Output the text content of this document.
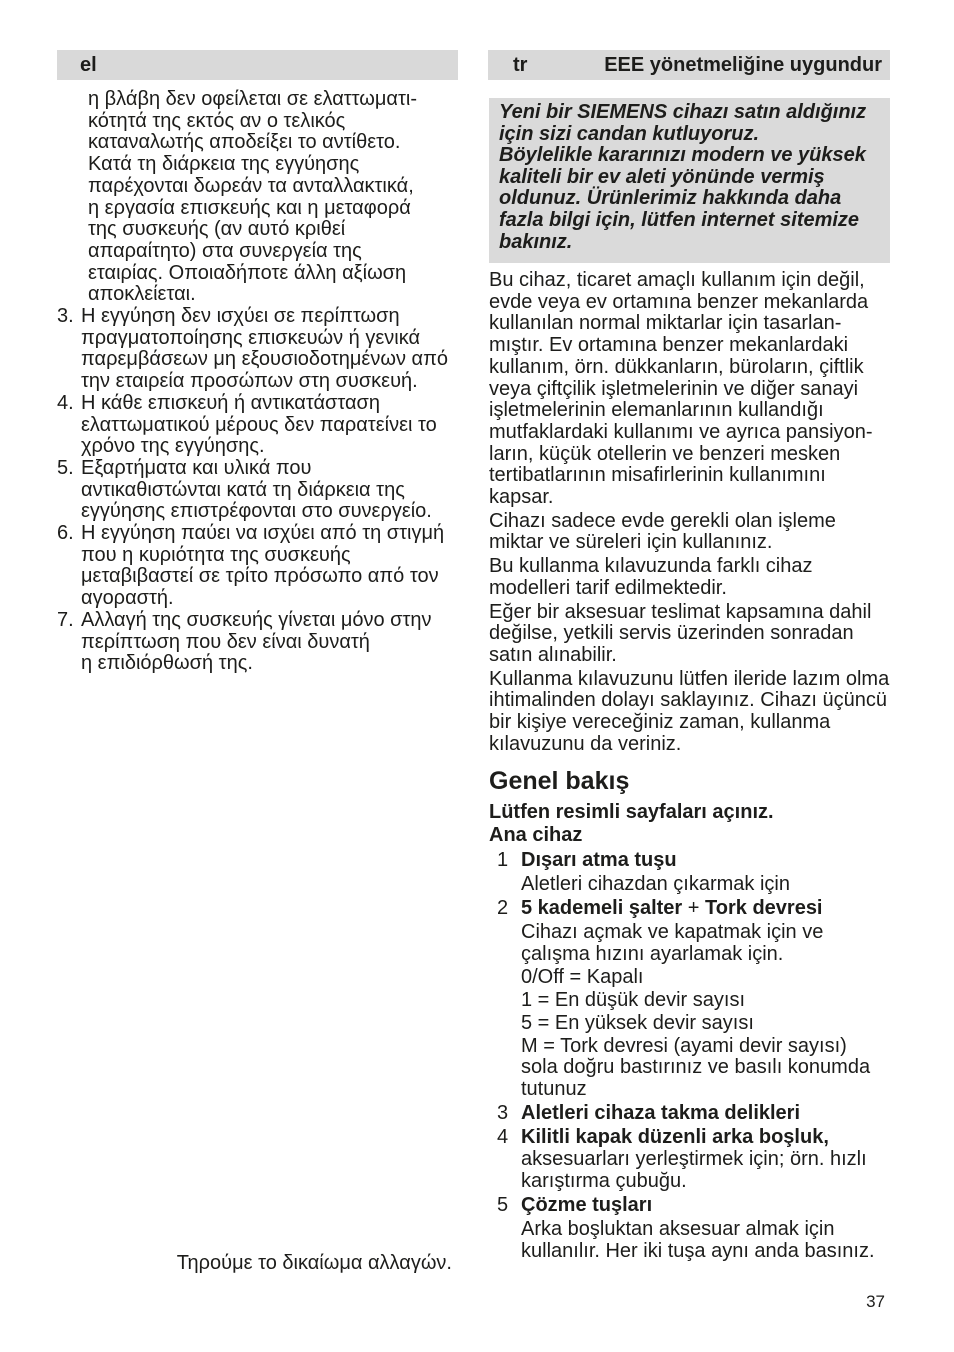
el
η βλάβη δεν οφείλεται σε ελαττωματι-
κότητά της εκτός αν ο τελικός
καταναλωτής αποδείξει το αντίθετο.
Κατά τη διάρκεια της εγγύησης
παρέχονται δωρεάν τα ανταλλακτικά,
η εργασία επισκευής και η μεταφορά
της συσκευής (αν αυτό κριθεί
απαραίτητο) στα συνεργεία της
εταιρίας. Οποιαδήποτε άλλη αξίωση
αποκλείεται.
3. Η εγγύηση δεν ισχύει σε περίπτωση
πραγματοποίησης επισκευών ή γενικά
παρεμβάσεων μη εξουσιοδοτημένων από
την εταιρεία προσώπων στη συσκευή.
4. Η κάθε επισκευή ή αντικατάσταση
ελαττωματικού μέρους δεν παρατείνει το
χρόνο της εγγύησης.
5. Εξαρτήματα και υλικά που
αντικαθιστώνται κατά τη διάρκεια της
εγγύησης επιστρέφονται στο συνεργείο.
6. Η εγγύηση παύει να ισχύει από τη στιγμή
που η κυριότητα της συσκευής
μεταβιβαστεί σε τρίτο πρόσωπο από τον
αγοραστή.
7. Αλλαγή της συσκευής γίνεται μόνο στην
περίπτωση που δεν είναι δυνατή
η επιδιόρθωσή της.
Τηρούμε το δικαίωμα αλλαγών.
tr	EEE yönetmeliğine uygundur
Yeni bir SIEMENS cihazı satın aldığınız
için sizi candan kutluyoruz.
Böylelikle kararınızı modern ve yüksek
kaliteli bir ev aleti yönünde vermiş
oldunuz. Ürünlerimiz hakkında daha
fazla bilgi için, lütfen internet sitemize
bakınız.
Bu cihaz, ticaret amaçlı kullanım için değil,
evde veya ev ortamına benzer mekanlarda
kullanılan normal miktarlar için tasarlan-
mıştır. Ev ortamına benzer mekanlardaki
kullanım, örn. dükkanların, büroların, çiftlik
veya çiftçilik işletmelerinin ve diğer sanayi
işletmelerinin elemanlarının kullandığı
mutfaklardaki kullanımı ve ayrıca pansiyon-
ların, küçük otellerin ve benzeri mesken
tertibatlarının misafirlerinin kullanımını
kapsar.
Cihazı sadece evde gerekli olan işleme
miktar ve süreleri için kullanınız.
Bu kullanma kılavuzunda farklı cihaz
modelleri tarif edilmektedir.
Eğer bir aksesuar teslimat kapsamına dahil
değilse, yetkili servis üzerinden sonradan
satın alınabilir.
Kullanma kılavuzunu lütfen ileride lazım olma
ihtimalinden dolayı saklayınız. Cihazı üçüncü
bir kişiye vereceğiniz zaman, kullanma
kılavuzunu da veriniz.
Genel bakış
Lütfen resimli sayfaları açınız.
Ana cihaz
1 Dışarı atma tuşu
Aletleri cihazdan çıkarmak için
2 5 kademeli şalter + Tork devresi
Cihazı açmak ve kapatmak için ve
çalışma hızını ayarlamak için.
0/Off = Kapalı
1 = En düşük devir sayısı
5 = En yüksek devir sayısı
M = Tork devresi (ayami devir sayısı)
sola doğru bastırınız ve basılı konumda
tutunuz
3 Aletleri cihaza takma delikleri
4 Kilitli kapak düzenli arka boşluk,
aksesuarları yerleştirmek için; örn. hızlı
karıştırma çubuğu.
5 Çözme tuşları
Arka boşluktan aksesuar almak için
kullanılır. Her iki tuşa aynı anda basınız.
37
